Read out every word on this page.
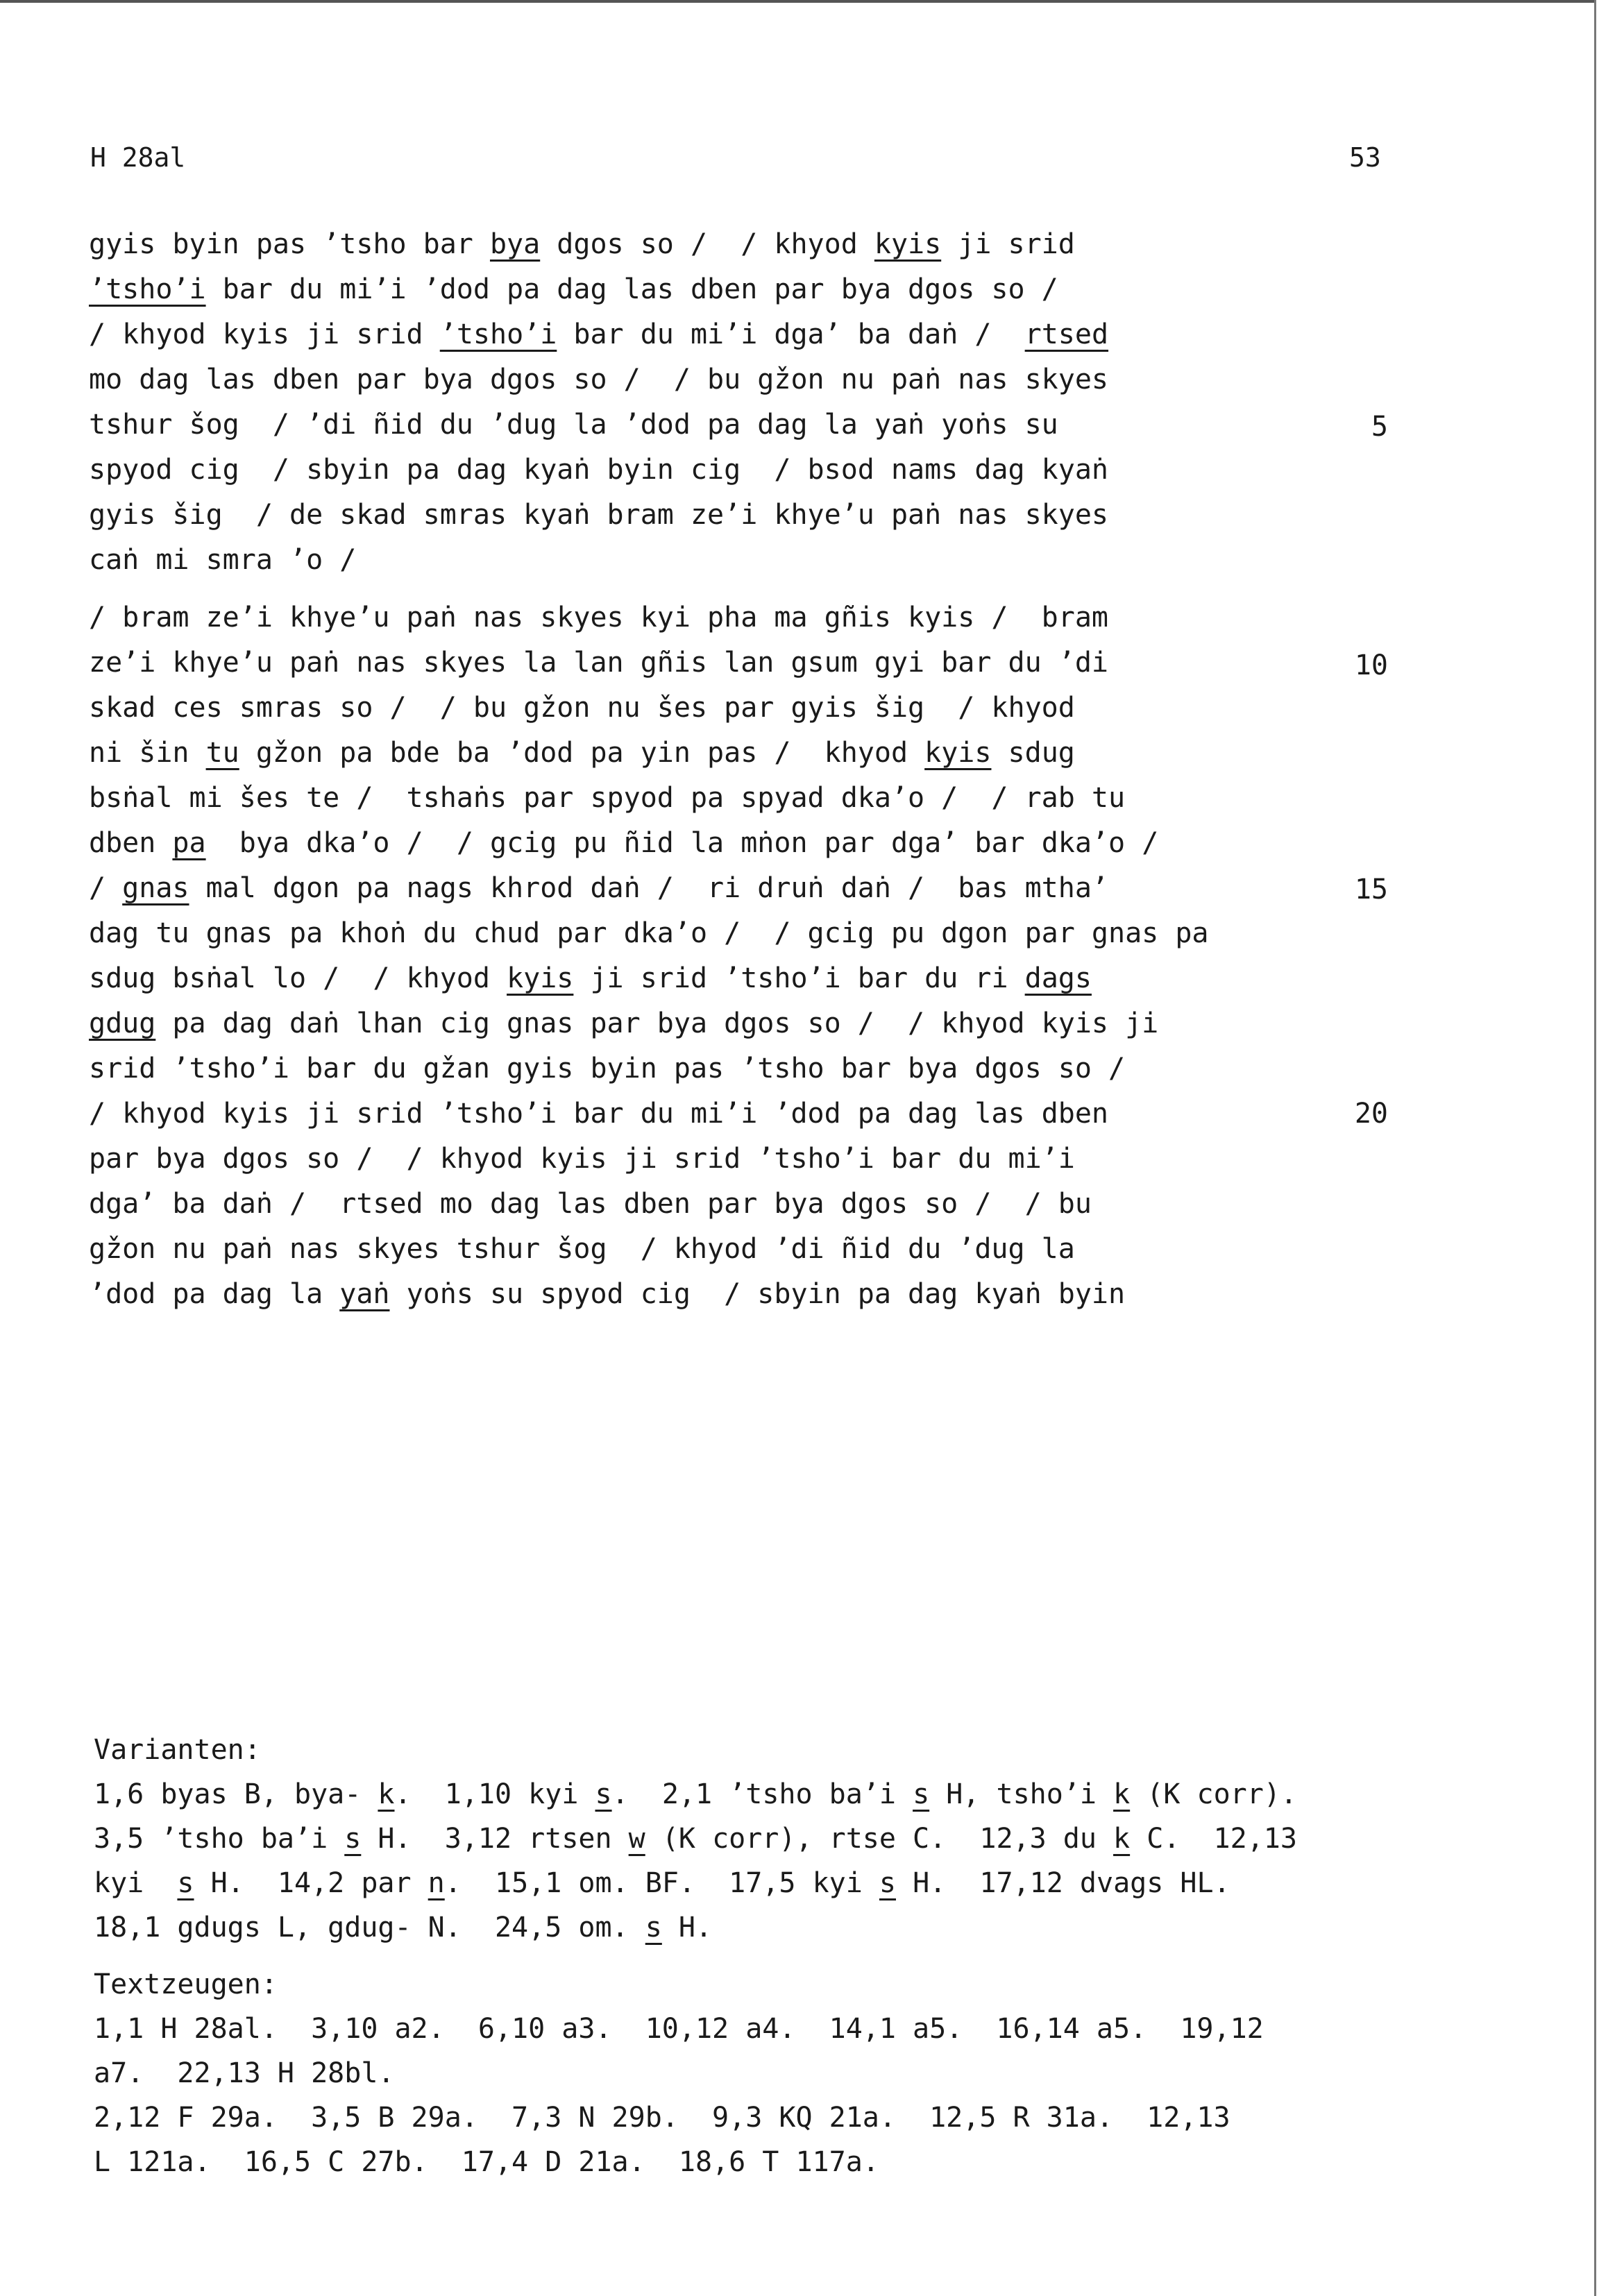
H 28al	53
gyis byin pas ’tsho bar bya dgos so /  / khyod kyis ji srid
’tsho’i bar du mi’i ’dod pa dag las dben par bya dgos so /
/ khyod kyis ji srid ’tsho’i bar du mi’i dga’ ba daṅ /  rtsed
mo dag las dben par bya dgos so /  / bu gžon nu paṅ nas skyes
tshur šog  / ’di ñid du ’dug la ’dod pa dag la yaṅ yoṅs su
spyod cig  / sbyin pa dag kyaṅ byin cig  / bsod nams dag kyaṅ
gyis šig  / de skad smras kyaṅ bram ze’i khye’u paṅ nas skyes
caṅ mi smra ’o /
/ bram ze’i khye’u paṅ nas skyes kyi pha ma gñis kyis /  bram
ze’i khye’u paṅ nas skyes la lan gñis lan gsum gyi bar du ’di
skad ces smras so /  / bu gžon nu šes par gyis šig  / khyod
ni šin tu gžon pa bde ba ’dod pa yin pas /  khyod kyis sdug
bsṅal mi šes te /  tshaṅs par spyod pa spyad dka’o /  / rab tu
dben pa  bya dka’o /  / gcig pu ñid la mṅon par dga’ bar dka’o /
/ gnas mal dgon pa nags khrod daṅ /  ri druṅ daṅ /  bas mtha’
dag tu gnas pa khoṅ du chud par dka’o /  / gcig pu dgon par gnas pa
sdug bsṅal lo /  / khyod kyis ji srid ’tsho’i bar du ri dags
gdug pa dag daṅ lhan cig gnas par bya dgos so /  / khyod kyis ji
srid ’tsho’i bar du gžan gyis byin pas ’tsho bar bya dgos so /
/ khyod kyis ji srid ’tsho’i bar du mi’i ’dod pa dag las dben
par bya dgos so /  / khyod kyis ji srid ’tsho’i bar du mi’i
dga’ ba daṅ /  rtsed mo dag las dben par bya dgos so /  / bu
gžon nu paṅ nas skyes tshur šog  / khyod ’di ñid du ’dug la
’dod pa dag la yaṅ yoṅs su spyod cig  / sbyin pa dag kyaṅ byin
5
10
15
20
Varianten:
1,6 byas B, bya- k.  1,10 kyi s.  2,1 ’tsho ba’i s H, tsho’i k (K corr).
3,5 ’tsho ba’i s H.  3,12 rtsen w (K corr), rtse C.  12,3 du k C.  12,13
kyi  s H.  14,2 par n.  15,1 om. BF.  17,5 kyi s H.  17,12 dvags HL.
18,1 gdugs L, gdug- N.  24,5 om. s H.
Textzeugen:
1,1 H 28al.  3,10 a2.  6,10 a3.  10,12 a4.  14,1 a5.  16,14 a5.  19,12
a7.  22,13 H 28bl.
2,12 F 29a.  3,5 B 29a.  7,3 N 29b.  9,3 KQ 21a.  12,5 R 31a.  12,13
L 121a.  16,5 C 27b.  17,4 D 21a.  18,6 T 117a.
